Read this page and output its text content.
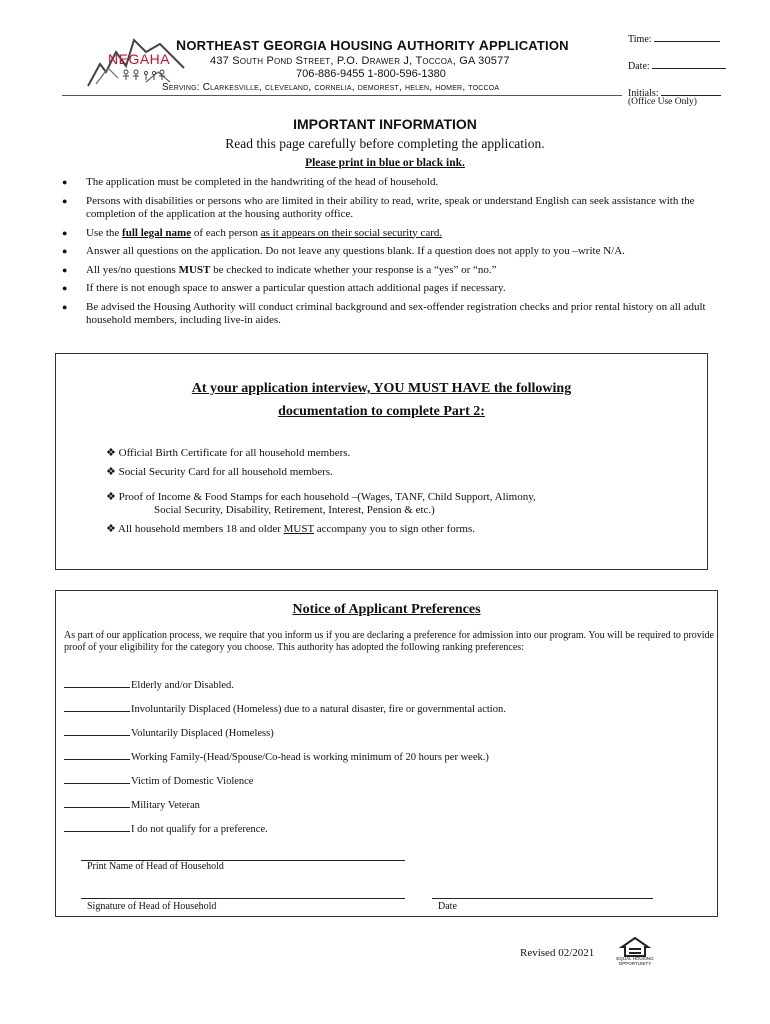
NEGAHA
NORTHEAST GEORGIA HOUSING AUTHORITY APPLICATION
437 South Pond Street, P.O. Drawer J, Toccoa, GA 30577
706-886-9455 1-800-596-1380
Serving: Clarkesville, cleveland, cornelia, demorest, helen, homer, toccoa
Time:
Date:
Initials:
(Office Use Only)
IMPORTANT INFORMATION
Read this page carefully before completing the application.
Please print in blue or black ink.
● The application must be completed in the handwriting of the head of household.
● Persons with disabilities or persons who are limited in their ability to read, write, speak or understand English can seek assistance with the completion of the application at the housing authority office.
● Use the full legal name of each person as it appears on their social security card.
● Answer all questions on the application. Do not leave any questions blank. If a question does not apply to you –write N/A.
● All yes/no questions MUST be checked to indicate whether your response is a “yes” or “no.”
● If there is not enough space to answer a particular question attach additional pages if necessary.
● Be advised the Housing Authority will conduct criminal background and sex-offender registration checks and prior rental history on all adult household members, including live-in aides.
At your application interview, YOU MUST HAVE the following
documentation to complete Part 2:
❖ Official Birth Certificate for all household members.
❖ Social Security Card for all household members.
❖ Proof of Income & Food Stamps for each household –(Wages, TANF, Child Support, Alimony,
Social Security, Disability, Retirement, Interest, Pension & etc.)
❖ All household members 18 and older MUST accompany you to sign other forms.
Notice of Applicant Preferences
As part of our application process, we require that you inform us if you are declaring a preference for admission into our program. You will be required to provide proof of your eligibility for the category you choose. This authority has adopted the following ranking preferences:
Elderly and/or Disabled.
Involuntarily Displaced (Homeless) due to a natural disaster, fire or governmental action.
Voluntarily Displaced (Homeless)
Working Family-(Head/Spouse/Co-head is working minimum of 20 hours per week.)
Victim of Domestic Violence
Military Veteran
I do not qualify for a preference.
Print Name of Head of Household
Signature of Head of Household	Date
Revised 02/2021	EQUAL HOUSING OPPORTUNITY
